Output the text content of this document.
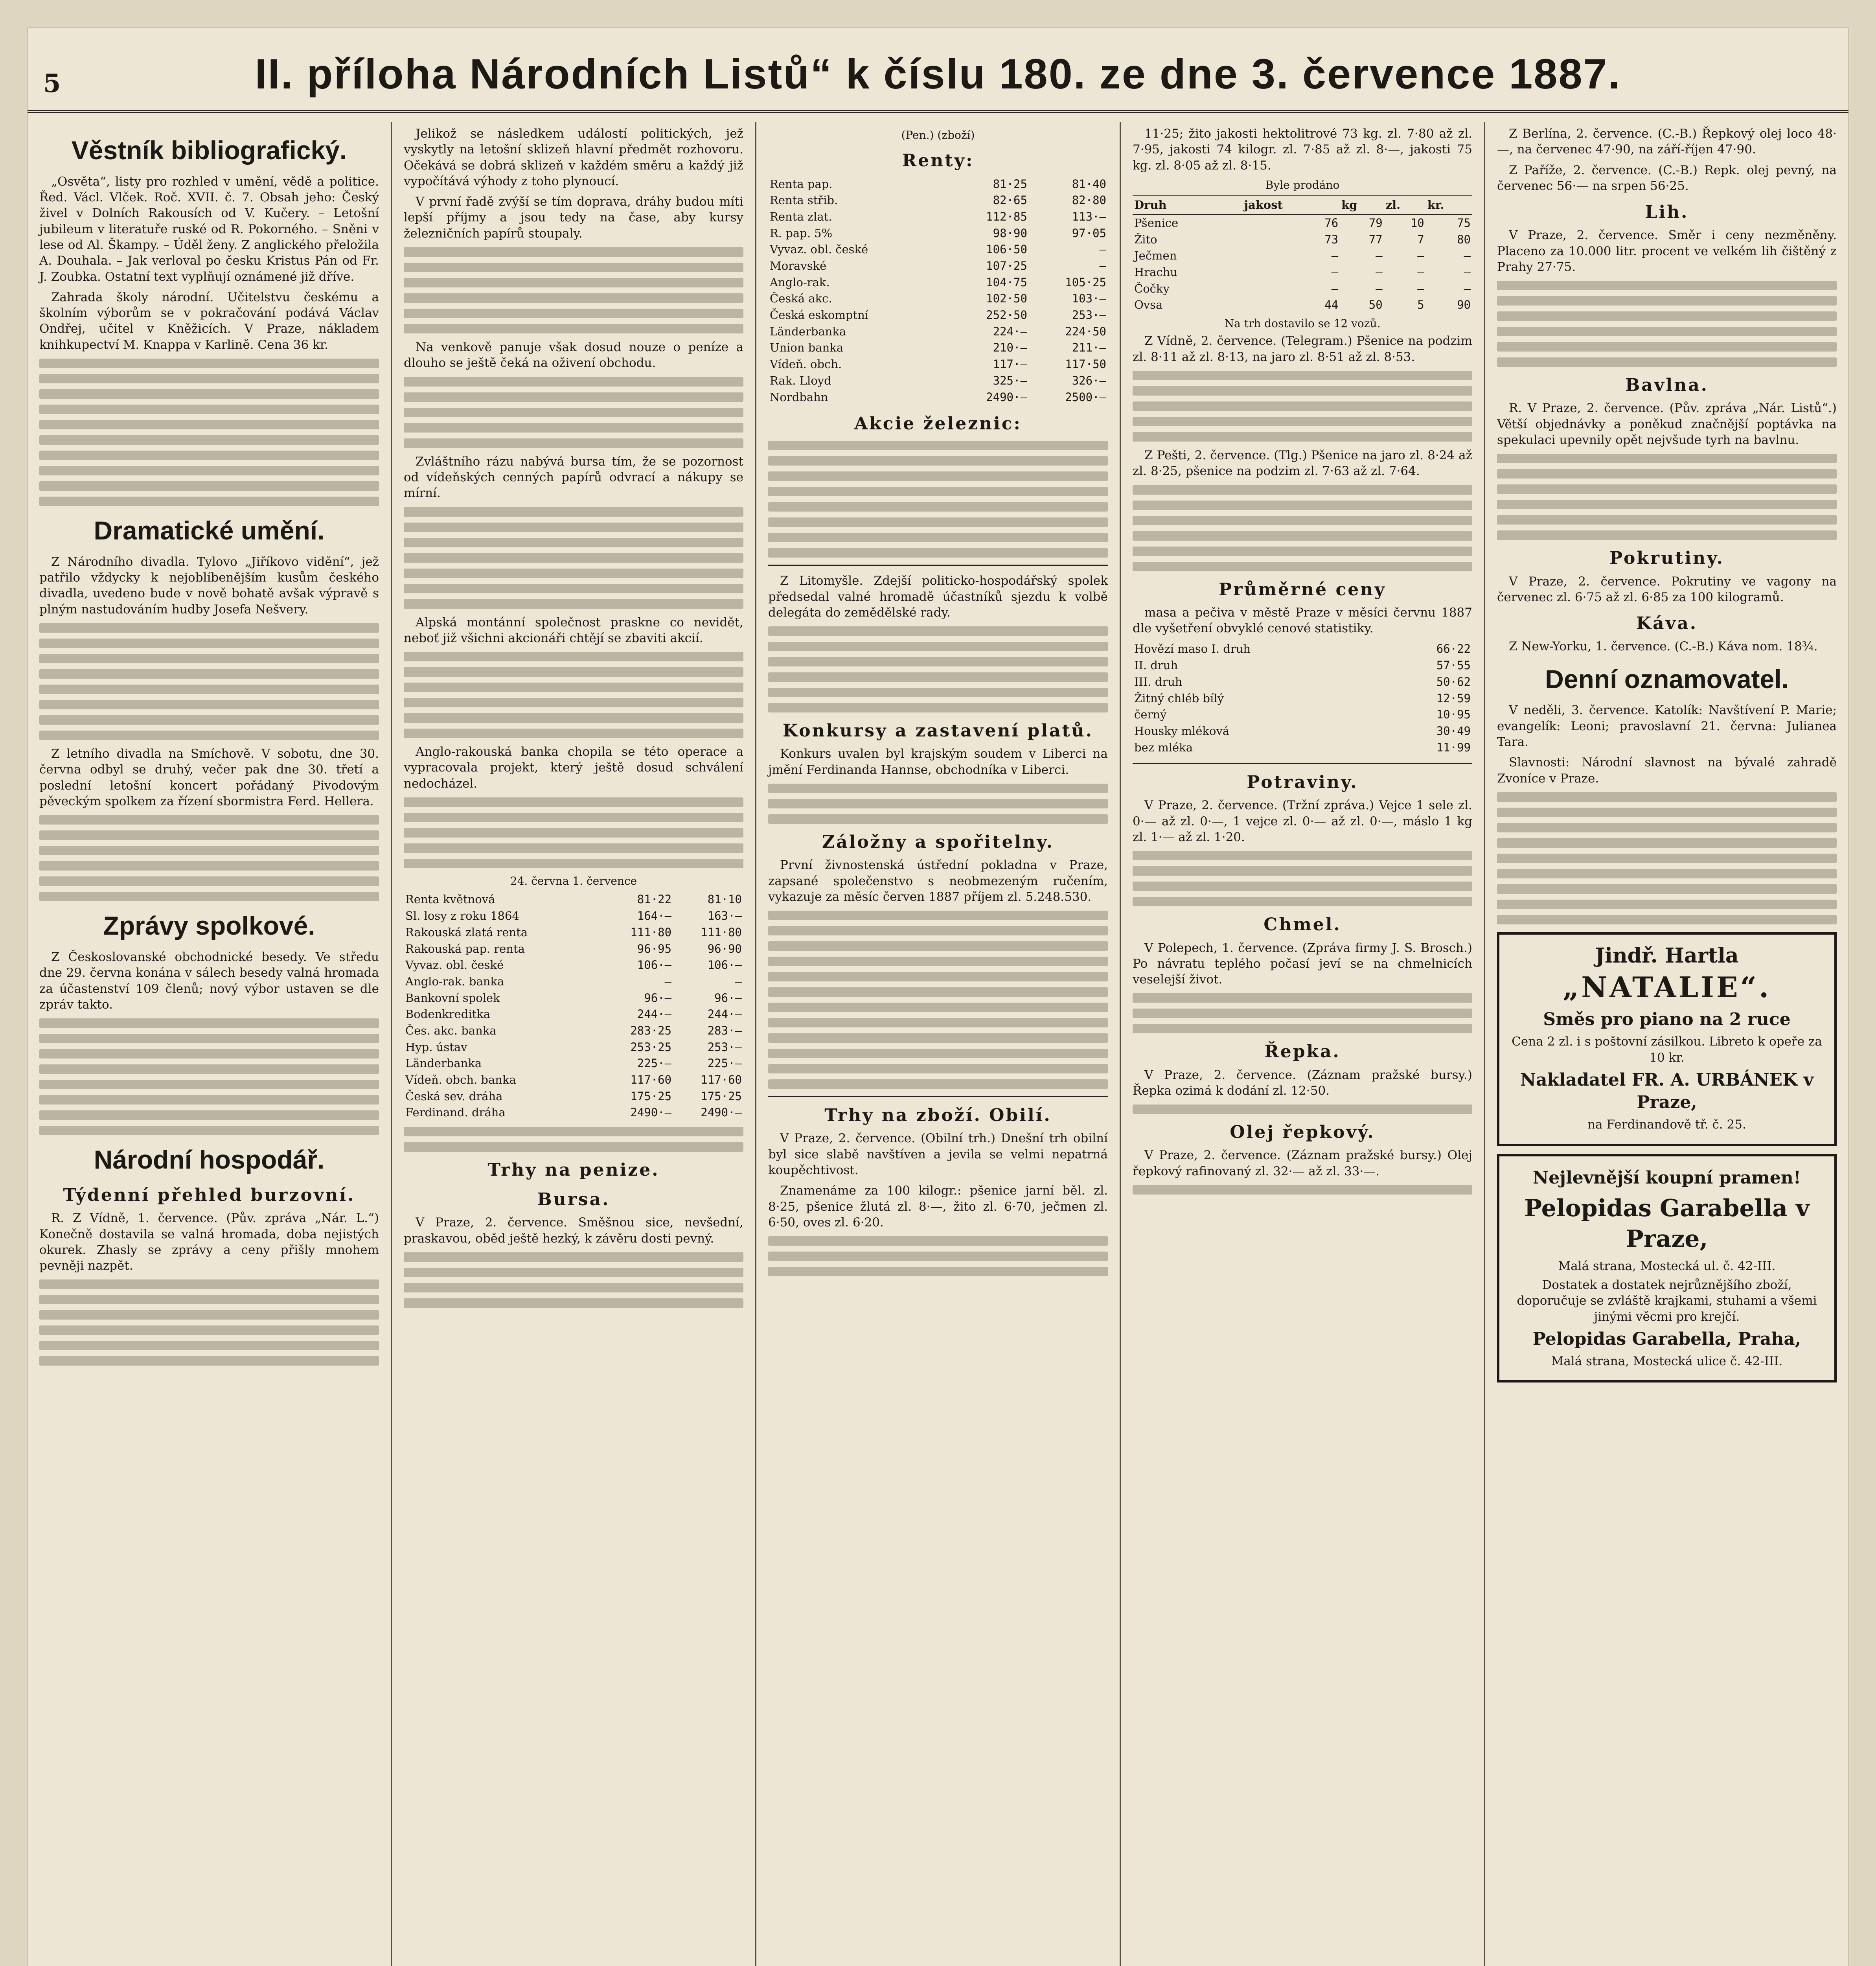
5	II. příloha Národních Listů“ k číslu 180. ze dne 3. července 1887.
Věstník bibliografický.

„Osvěta“, listy pro rozhled v umění, vědě a politice. Řed. Václ. Vlček. Roč. XVII. č. 7. Obsah jeho: Český živel v Dolních Rakousích od V. Kučery. – Letošní jubileum v literatuře ruské od R. Pokorného. – Sněni v lese od Al. Škampy. – Úděl ženy. Z anglického přeložila A. Douhala. – Jak verloval po česku Kristus Pán od Fr. J. Zoubka. Ostatní text vyplňují oznámené již dříve.

Zahrada školy národní. Učitelstvu českému a školním výborům se v pokračování podává Václav Ondřej, učitel v Kněžicích. V Praze, nákladem knihkupectví M. Knappa v Karlině. Cena 36 kr.

Dramatické umění.

Z Národního divadla. Tylovo „Jiříkovo vidění“, jež patřilo vždycky k nejoblíbenějším kusům českého divadla, uvedeno bude v nově bohatě avšak výpravě s plným nastudováním hudby Josefa Nešvery.

Z letního divadla na Smíchově. V sobotu, dne 30. června odbyl se druhý, večer pak dne 30. třetí a poslední letošní koncert pořádaný Pivodovým pěveckým spolkem za řízení sbormistra Ferd. Hellera.

Zprávy spolkové.

Z Českoslovanské obchodnické besedy. Ve středu dne 29. června konána v sálech besedy valná hromada za účastenství 109 členů; nový výbor ustaven se dle zpráv takto.

Národní hospodář.
Týdenní přehled burzovní.

R. Z Vídně, 1. července. (Pův. zpráva „Nár. L.“) Konečně dostavila se valná hromada, doba nejistých okurek. Zhasly se zprávy a ceny přišly mnohem pevněji nazpět.

Jelikož se následkem událostí politických, jež vyskytly na letošní sklizeň hlavní předmět rozhovoru. Očekává se dobrá sklizeň v každém směru a každý již vypočítává výhody z toho plynoucí.

V první řadě zvýší se tím doprava, dráhy budou míti lepší příjmy a jsou tedy na čase, aby kursy železničních papírů stoupaly.

Na venkově panuje však dosud nouze o peníze a dlouho se ještě čeká na oživení obchodu.

Zvláštního rázu nabývá bursa tím, že se pozornost od vídeňských cenných papírů odvrací a nákupy se mírní.

Alpská montánní společnost praskne co nevidět, neboť již všichni akcionáři chtějí se zbaviti akcií.

Anglo-rakouská banka chopila se této operace a vypracovala projekt, který ještě dosud schválení nedocházel.

24. června 1. července
Renta květnová	81·22	81·10
Sl. losy z roku 1864	164·—	163·—
Rakouská zlatá renta	111·80	111·80
Rakouská pap. renta	96·95	96·90
Vyvaz. obl. české	106·—	106·—
Anglo-rak. banka	—	—
Bankovní spolek	96·—	96·—
Bodenkreditka	244·—	244·—
Čes. akc. banka	283·25	283·—
Hyp. ústav	253·25	253·—
Länderbanka	225·—	225·—
Vídeň. obch. banka	117·60	117·60
Česká sev. dráha	175·25	175·25
Ferdinand. dráha	2490·—	2490·—
Trhy na penize.
Bursa.

V Praze, 2. července. Směšnou sice, nevšední, praskavou, oběd ještě hezký, k závěru dosti pevný.

(Pen.) (zboží)
Renty:
Renta pap.	81·25	81·40
Renta střib.	82·65	82·80
Renta zlat.	112·85	113·—
R. pap. 5%	98·90	97·05
Vyvaz. obl. české	106·50	—
Moravské	107·25	—
Anglo-rak.	104·75	105·25
Česká akc.	102·50	103·—
Česká eskomptní	252·50	253·—
Länderbanka	224·—	224·50
Union banka	210·—	211·—
Vídeň. obch.	117·—	117·50
Rak. Lloyd	325·—	326·—
Nordbahn	2490·—	2500·—
Akcie železnic:

Z Litomyšle. Zdejší politicko-hospodářský spolek předsedal valné hromadě účastníků sjezdu k volbě delegáta do zemědělské rady.

Konkursy a zastavení platů.

Konkurs uvalen byl krajským soudem v Liberci na jmění Ferdinanda Hannse, obchodníka v Liberci.

Záložny a spořitelny.

První živnostenská ústřední pokladna v Praze, zapsané společenstvo s neobmezeným ručením, vykazuje za měsíc červen 1887 příjem zl. 5.248.530.

Trhy na zboží. Obilí.

V Praze, 2. července. (Obilní trh.) Dnešní trh obilní byl sice slabě navštíven a jevila se velmi nepatrná koupěchtivost.

Znamenáme za 100 kilogr.: pšenice jarní běl. zl. 8·25, pšenice žlutá zl. 8·—, žito zl. 6·70, ječmen zl. 6·50, oves zl. 6·20.

11·25; žito jakosti hektolitrové 73 kg. zl. 7·80 až zl. 7·95, jakosti 74 kilogr. zl. 7·85 až zl. 8·—, jakosti 75 kg. zl. 8·05 až zl. 8·15.

Byle prodáno
Druh	jakost	kg	zl.	kr.
Pšenice	76	79	10	75
Žito	73	77	7	80
Ječmen	—	—	—	—
Hrachu	—	—	—	—
Čočky	—	—	—	—
Ovsa	44	50	5	90
Na trh dostavilo se 12 vozů.

Z Vídně, 2. července. (Telegram.) Pšenice na podzim zl. 8·11 až zl. 8·13, na jaro zl. 8·51 až zl. 8·53.

Z Pešti, 2. července. (Tlg.) Pšenice na jaro zl. 8·24 až zl. 8·25, pšenice na podzim zl. 7·63 až zl. 7·64.

Průměrné ceny

masa a pečiva v městě Praze v měsíci červnu 1887 dle vyšetření obvyklé cenové statistiky.

Hovězí maso I. druh	66·22
II. druh	57·55
III. druh	50·62
Žitný chléb bílý	12·59
černý	10·95
Housky mléková	30·49
bez mléka	11·99
Potraviny.

V Praze, 2. července. (Tržní zpráva.) Vejce 1 sele zl. 0·— až zl. 0·—, 1 vejce zl. 0·— až zl. 0·—, máslo 1 kg zl. 1·— až zl. 1·20.

Chmel.

V Polepech, 1. července. (Zpráva firmy J. S. Brosch.) Po návratu teplého počasí jeví se na chmelnicích veselejší život.

Řepka.

V Praze, 2. července. (Záznam pražské bursy.) Řepka ozimá k dodání zl. 12·50.

Olej řepkový.

V Praze, 2. července. (Záznam pražské bursy.) Olej řepkový rafinovaný zl. 32·— až zl. 33·—.

Z Berlína, 2. července. (C.-B.) Řepkový olej loco 48·—, na červenec 47·90, na září-říjen 47·90.

Z Paříže, 2. července. (C.-B.) Repk. olej pevný, na červenec 56·— na srpen 56·25.

Lih.

V Praze, 2. července. Směr i ceny nezměněny. Placeno za 10.000 litr. procent ve velkém lih čištěný z Prahy 27·75.

Bavlna.

R. V Praze, 2. července. (Pův. zpráva „Nár. Listů“.) Větší objednávky a poněkud značnější poptávka na spekulaci upevnily opět nejvšude tyrh na bavlnu.

Pokrutiny.

V Praze, 2. července. Pokrutiny ve vagony na červenec zl. 6·75 až zl. 6·85 za 100 kilogramů.

Káva.

Z New-Yorku, 1. července. (C.-B.) Káva nom. 18¾.

Denní oznamovatel.

V neděli, 3. července. Katolík: Navštívení P. Marie; evangelík: Leoni; pravoslavní 21. června: Julianea Tara.

Slavnosti: Národní slavnost na bývalé zahradě Zvoníce v Praze.

Jindř. Hartla
„NATALIE“.
Směs pro piano na 2 ruce
Cena 2 zl. i s poštovní zásilkou. Libreto k opeře za 10 kr.
Nakladatel FR. A. URBÁNEK v Praze,
na Ferdinandově tř. č. 25.
Nejlevnější koupní pramen!
Pelopidas Garabella v Praze,
Malá strana, Mostecká ul. č. 42-III.
Dostatek a dostatek nejrůznějšího zboží, doporučuje se zvláště krajkami, stuhami a všemi jinými věcmi pro krejčí.
Pelopidas Garabella, Praha,
Malá strana, Mostecká ulice č. 42-III.
